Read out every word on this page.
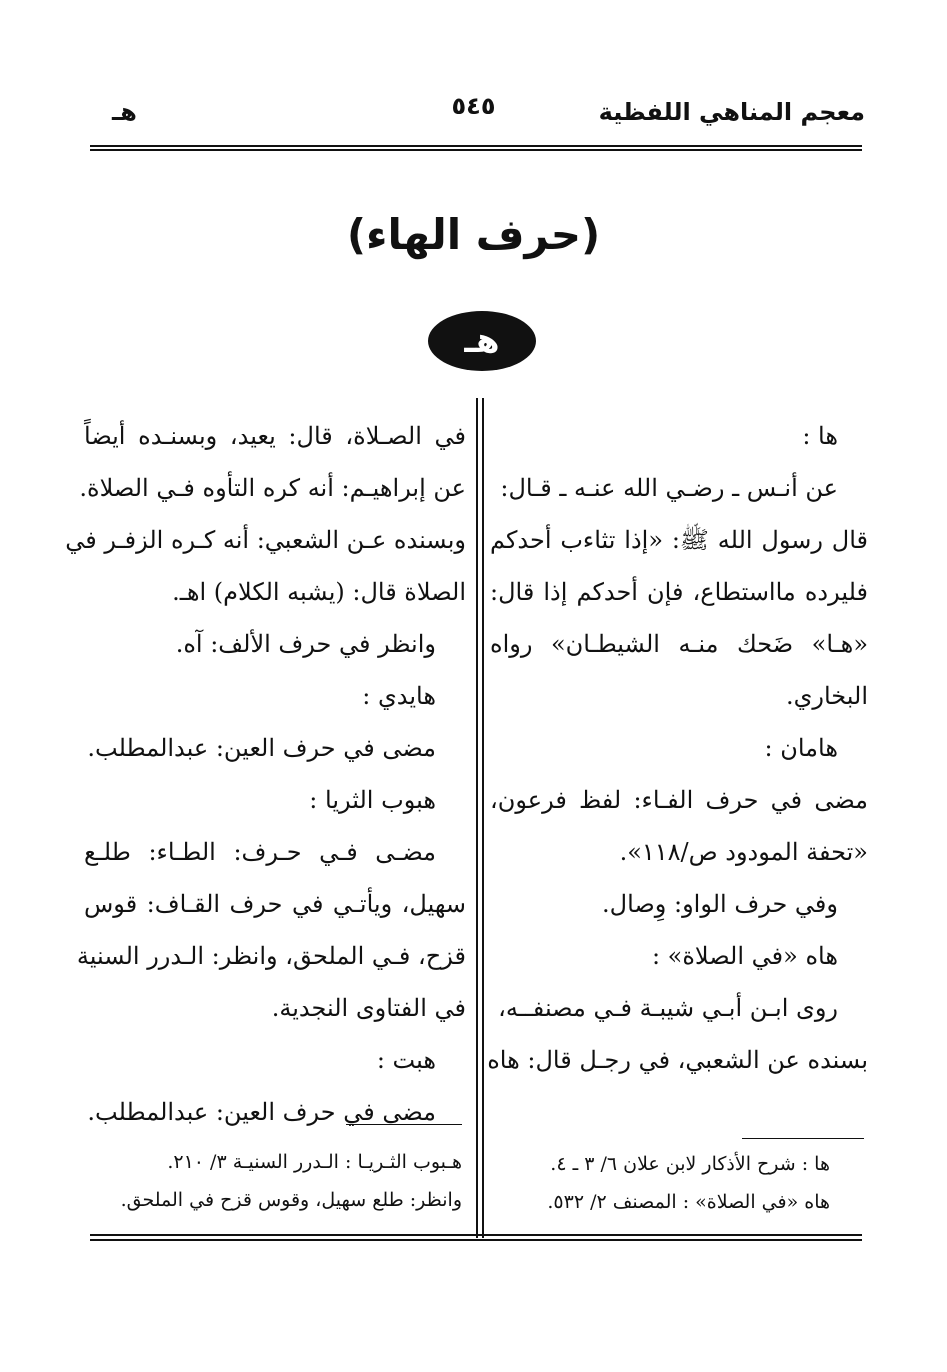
معجم المناهي اللفظية
٥٤٥
هـ
(حرف الهاء)
هـ

ها :

عن أنـس ـ رضـي الله عنـه ـ قـال:

قال رسول الله ﷺ: «إذا تثاءب أحدكم

فليرده مااستطاع، فإن أحدكم إذا قال:

«هـا» ضَحك منـه الشيطـان» رواه

البخاري.

هامان :

مضى في حرف الفـاء: لفظ فرعون،

«تحفة المودود ص/١١٨».

وفي حرف الواو: وِصال.

هاه «في الصلاة» :

روى ابـن أبـي شيبـة فـي مصنفــه،

بسنده عن الشعبي، في رجـل قال: هاه

في الصـلاة، قال: يعيد، وبسنـده أيضاً

عن إبراهيـم: أنه كره التأوه فـي الصلاة.

وبسنده عـن الشعبي: أنه كـره الزفـر في

الصلاة قال: (يشبه الكلام) اهـ.

وانظر في حرف الألف: آه.

هايدي :

مضى في حرف العين: عبدالمطلب.

هبوب الثريا :

مضـى فـي حـرف: الطـاء: طلـع

سهيل، ويأتـي في حرف القـاف: قوس

قزح، فـي الملحق، وانظر: الـدرر السنية

في الفتاوى النجدية.

هبت :

مضى في حرف العين: عبدالمطلب.

ها : شرح الأذكار لابن علان ٦/ ٣ ـ ٤.

هاه «في الصلاة» : المصنف ٢/ ٥٣٢.

هـبوب الثـريـا : الـدرر السنيـة ٣/ ٢١٠.

وانظر: طلع سهيل، وقوس قزح في الملحق.
